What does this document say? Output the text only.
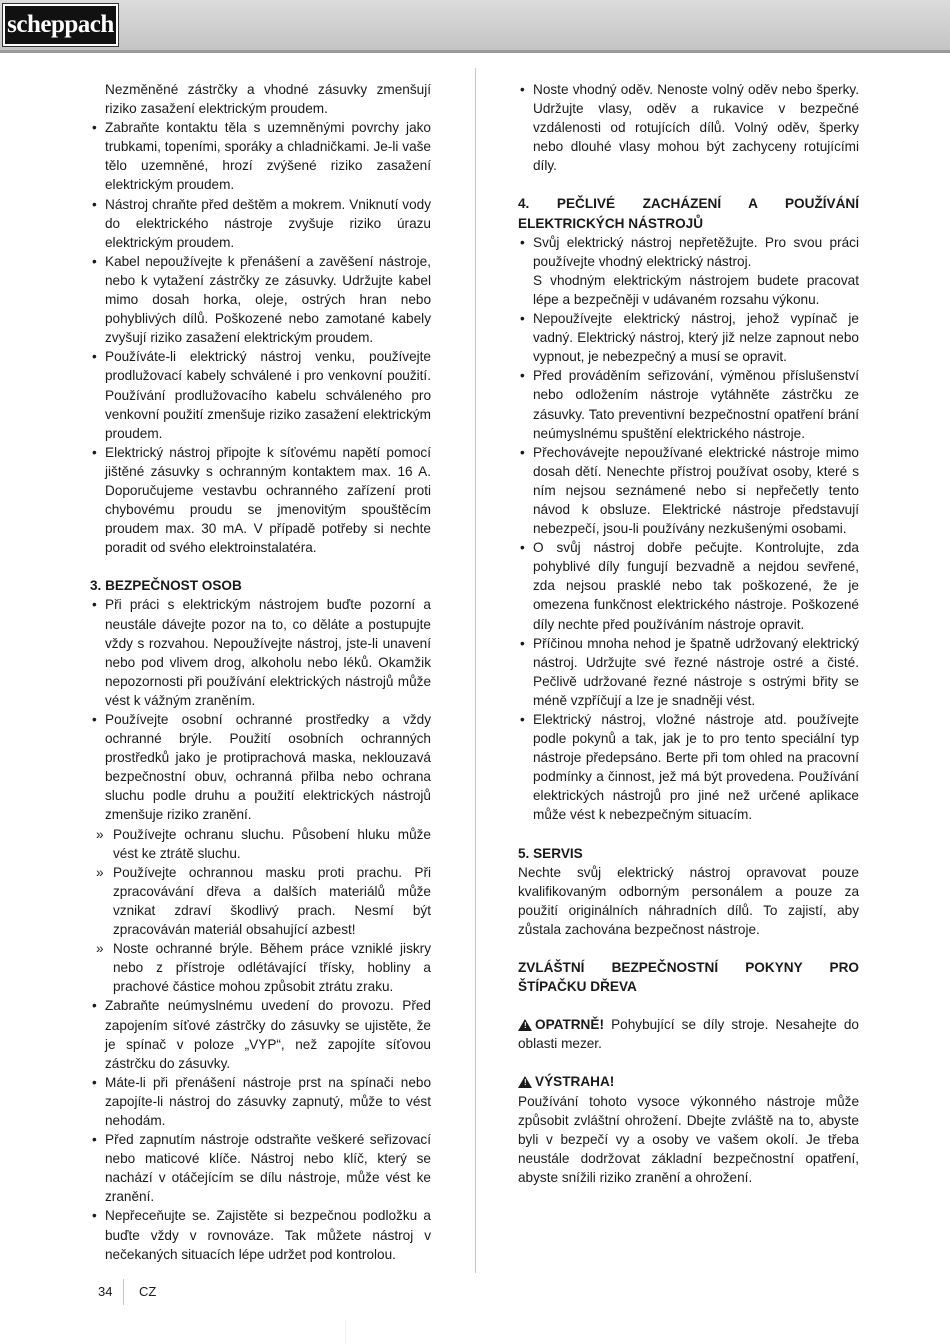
scheppach

Nezměněné zástrčky a vhodné zásuvky zmenšují riziko zasažení elektrickým proudem.

• Zabraňte kontaktu těla s uzemněnými povrchy jako trubkami, topeními, sporáky a chladničkami. Je-li vaše tělo uzemněné, hrozí zvýšené riziko zasažení elektrickým proudem.
• Nástroj chraňte před deštěm a mokrem. Vniknutí vody do elektrického nástroje zvyšuje riziko úrazu elektrickým proudem.
• Kabel nepoužívejte k přenášení a zavěšení nástroje, nebo k vytažení zástrčky ze zásuvky. Udržujte kabel mimo dosah horka, oleje, ostrých hran nebo pohyblivých dílů. Poškozené nebo zamotané kabely zvyšují riziko zasažení elektrickým proudem.
• Používáte-li elektrický nástroj venku, používejte prodlužovací kabely schválené i pro venkovní použití. Používání prodlužovacího kabelu schváleného pro venkovní použití zmenšuje riziko zasažení elektrickým proudem.
• Elektrický nástroj připojte k síťovému napětí pomocí jištěné zásuvky s ochranným kontaktem max. 16 A. Doporučujeme vestavbu ochranného zařízení proti chybovému proudu se jmenovitým spouštěcím proudem max. 30 mA. V případě potřeby si nechte poradit od svého elektroinstalatéra.

3. BEZPEČNOST OSOB

• Při práci s elektrickým nástrojem buďte pozorní a neustále dávejte pozor na to, co děláte a postupujte vždy s rozvahou. Nepoužívejte nástroj, jste-li unavení nebo pod vlivem drog, alkoholu nebo léků. Okamžik nepozornosti při používání elektrických nástrojů může vést k vážným zraněním.
• Používejte osobní ochranné prostředky a vždy ochranné brýle. Použití osobních ochranných prostředků jako je protiprachová maska, neklouzavá bezpečnostní obuv, ochranná přilba nebo ochrana sluchu podle druhu a použití elektrických nástrojů zmenšuje riziko zranění.
» Používejte ochranu sluchu. Působení hluku může vést ke ztrátě sluchu.
» Používejte ochrannou masku proti prachu. Při zpracovávání dřeva a dalších materiálů může vznikat zdraví škodlivý prach. Nesmí být zpracováván materiál obsahující azbest!
» Noste ochranné brýle. Během práce vzniklé jiskry nebo z přístroje odlétávající třísky, hobliny a prachové částice mohou způsobit ztrátu zraku.
• Zabraňte neúmyslnému uvedení do provozu. Před zapojením síťové zástrčky do zásuvky se ujistěte, že je spínač v poloze „VYP“, než zapojíte síťovou zástrčku do zásuvky.
• Máte-li při přenášení nástroje prst na spínači nebo zapojíte-li nástroj do zásuvky zapnutý, může to vést nehodám.
• Před zapnutím nástroje odstraňte veškeré seřizovací nebo maticové klíče. Nástroj nebo klíč, který se nachází v otáčejícím se dílu nástroje, může vést ke zranění.
• Nepřeceňujte se. Zajistěte si bezpečnou podložku a buďte vždy v rovnováze. Tak můžete nástroj v nečekaných situacích lépe udržet pod kontrolou.
• Noste vhodný oděv. Nenoste volný oděv nebo šperky. Udržujte vlasy, oděv a rukavice v bezpečné vzdálenosti od rotujících dílů. Volný oděv, šperky nebo dlouhé vlasy mohou být zachyceny rotujícími díly.

4. PEČLIVÉ ZACHÁZENÍ A POUŽÍVÁNÍ ELEKTRICKÝCH NÁSTROJŮ

• Svůj elektrický nástroj nepřetěžujte. Pro svou práci používejte vhodný elektrický nástroj.
S vhodným elektrickým nástrojem budete pracovat lépe a bezpečněji v udávaném rozsahu výkonu.
• Nepoužívejte elektrický nástroj, jehož vypínač je vadný. Elektrický nástroj, který již nelze zapnout nebo vypnout, je nebezpečný a musí se opravit.
• Před prováděním seřizování, výměnou příslušenství nebo odložením nástroje vytáhněte zástrčku ze zásuvky. Tato preventivní bezpečnostní opatření brání neúmyslnému spuštění elektrického nástroje.
• Přechovávejte nepoužívané elektrické nástroje mimo dosah dětí. Nenechte přístroj používat osoby, které s ním nejsou seznámené nebo si nepřečetly tento návod k obsluze. Elektrické nástroje představují nebezpečí, jsou-li používány nezkušenými osobami.
• O svůj nástroj dobře pečujte. Kontrolujte, zda pohyblivé díly fungují bezvadně a nejdou sevřené, zda nejsou prasklé nebo tak poškozené, že je omezena funkčnost elektrického nástroje. Poškozené díly nechte před používáním nástroje opravit.
• Příčinou mnoha nehod je špatně udržovaný elektrický nástroj. Udržujte své řezné nástroje ostré a čisté. Pečlivě udržované řezné nástroje s ostrými břity se méně vzpříčují a lze je snadněji vést.
• Elektrický nástroj, vložné nástroje atd. používejte podle pokynů a tak, jak je to pro tento speciální typ nástroje předepsáno. Berte při tom ohled na pracovní podmínky a činnost, jež má být provedena. Používání elektrických nástrojů pro jiné než určené aplikace může vést k nebezpečným situacím.

5. SERVIS

Nechte svůj elektrický nástroj opravovat pouze kvalifikovaným odborným personálem a pouze za použití originálních náhradních dílů. To zajistí, aby zůstala zachována bezpečnost nástroje.

ZVLÁŠTNÍ BEZPEČNOSTNÍ POKYNY PRO ŠTÍPAČKU DŘEVA

! OPATRNĚ! Pohybující se díly stroje. Nesahejte do oblasti mezer.

! VÝSTRAHA!

Používání tohoto vysoce výkonného nástroje může způsobit zvláštní ohrožení. Dbejte zvláště na to, abyste byli v bezpečí vy a osoby ve vašem okolí. Je třeba neustále dodržovat základní bezpečnostní opatření, abyste snížili riziko zranění a ohrožení.

34 CZ
